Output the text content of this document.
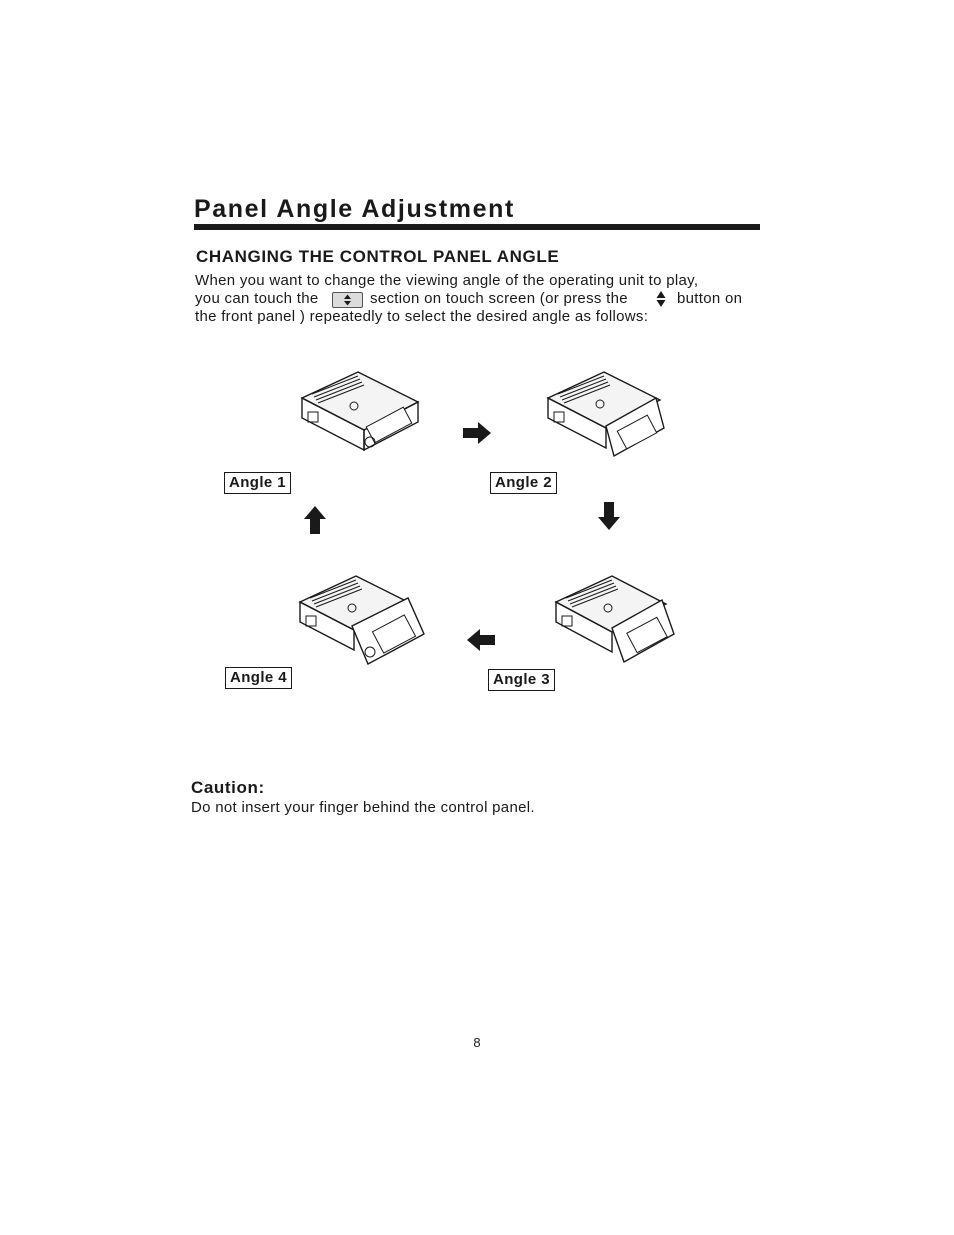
Panel Angle Adjustment
CHANGING THE CONTROL PANEL ANGLE
When you want to change the viewing angle of the operating unit to play,
you can touch the	section on touch screen (or press the	button on
the front panel ) repeatedly to select the desired angle as follows:
Angle 1	Angle 2
Angle 3
Angle 4
Caution:
Do not insert your finger behind the control panel.
8
